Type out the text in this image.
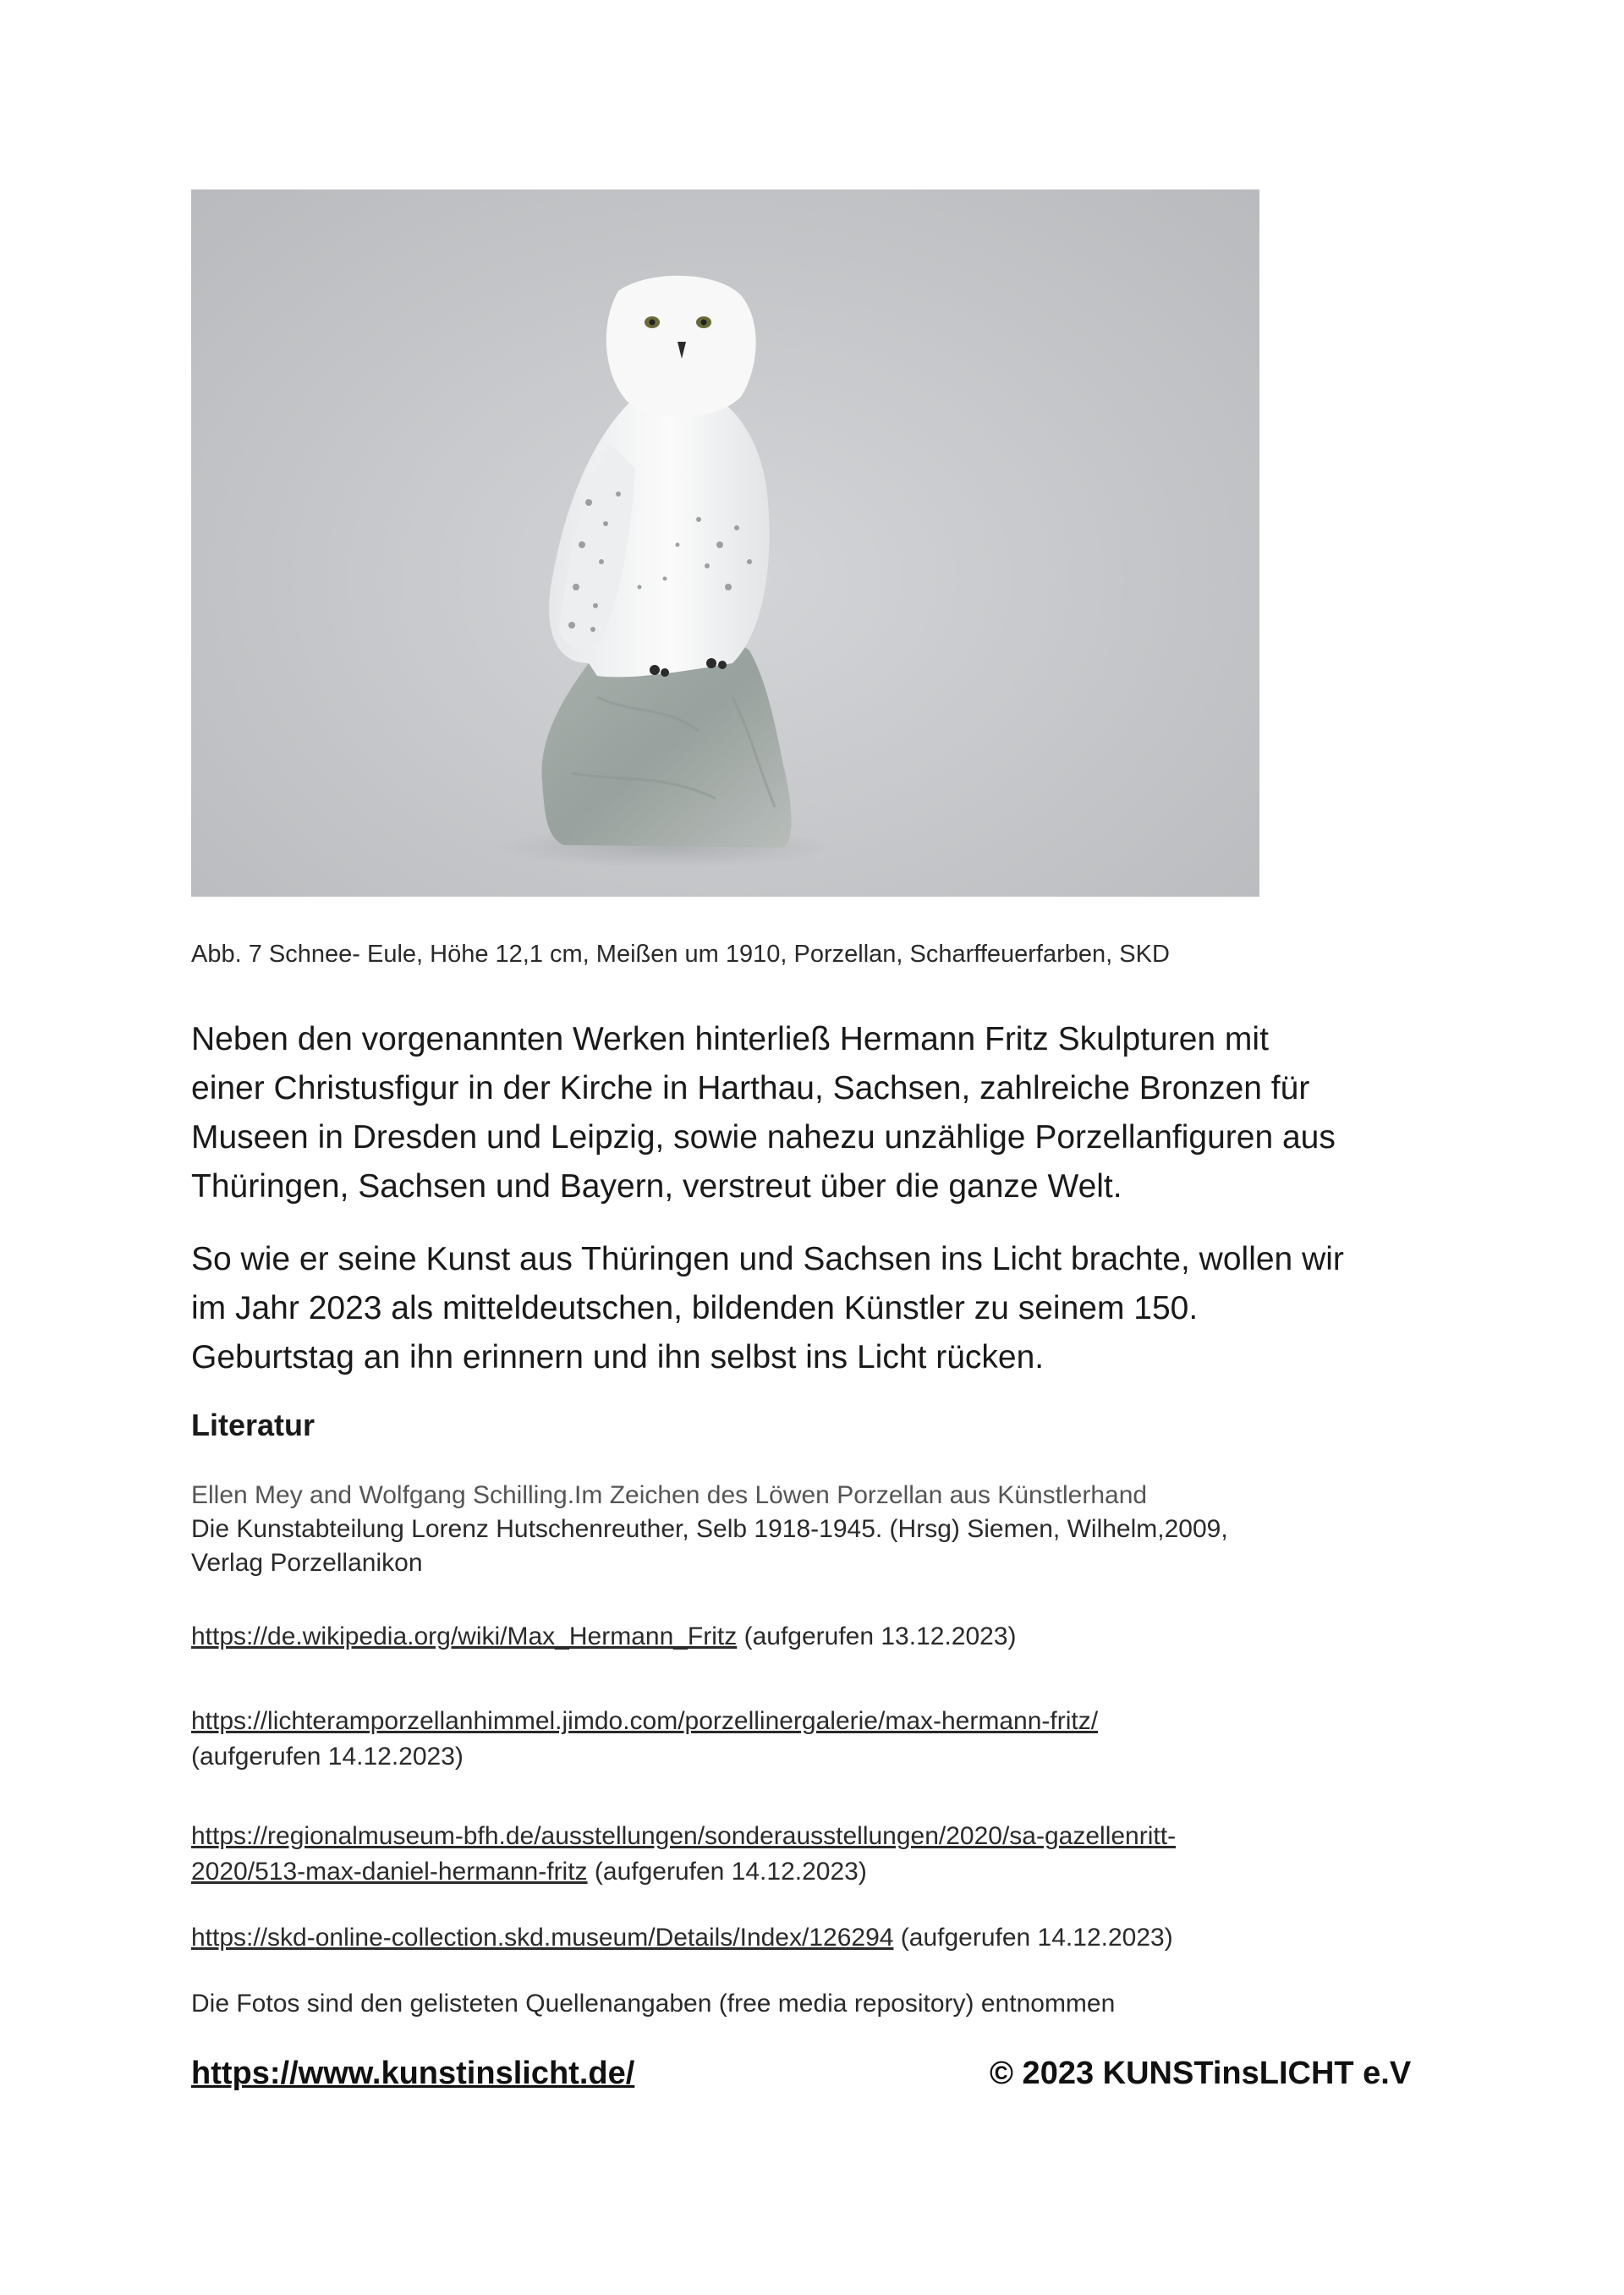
Abb. 7 Schnee- Eule, Höhe 12,1 cm, Meißen um 1910, Porzellan, Scharffeuerfarben, SKD
Neben den vorgenannten Werken hinterließ Hermann Fritz Skulpturen mit
einer Christusfigur in der Kirche in Harthau, Sachsen, zahlreiche Bronzen für
Museen in Dresden und Leipzig, sowie nahezu unzählige Porzellanfiguren aus
Thüringen, Sachsen und Bayern, verstreut über die ganze Welt.
So wie er seine Kunst aus Thüringen und Sachsen ins Licht brachte, wollen wir
im Jahr 2023 als mitteldeutschen, bildenden Künstler zu seinem 150.
Geburtstag an ihn erinnern und ihn selbst ins Licht rücken.
Literatur
Ellen Mey and Wolfgang Schilling.Im Zeichen des Löwen Porzellan aus Künstlerhand
Die Kunstabteilung Lorenz Hutschenreuther, Selb 1918-1945. (Hrsg) Siemen, Wilhelm,2009,
Verlag Porzellanikon
https://de.wikipedia.org/wiki/Max_Hermann_Fritz (aufgerufen 13.12.2023)
https://lichteramporzellanhimmel.jimdo.com/porzellinergalerie/max-hermann-fritz/
(aufgerufen 14.12.2023)
https://regionalmuseum-bfh.de/ausstellungen/sonderausstellungen/2020/sa-gazellenritt-
2020/513-max-daniel-hermann-fritz (aufgerufen 14.12.2023)
https://skd-online-collection.skd.museum/Details/Index/126294 (aufgerufen 14.12.2023)
Die Fotos sind den gelisteten Quellenangaben (free media repository) entnommen
https://www.kunstinslicht.de/	© 2023 KUNSTinsLICHT e.V
